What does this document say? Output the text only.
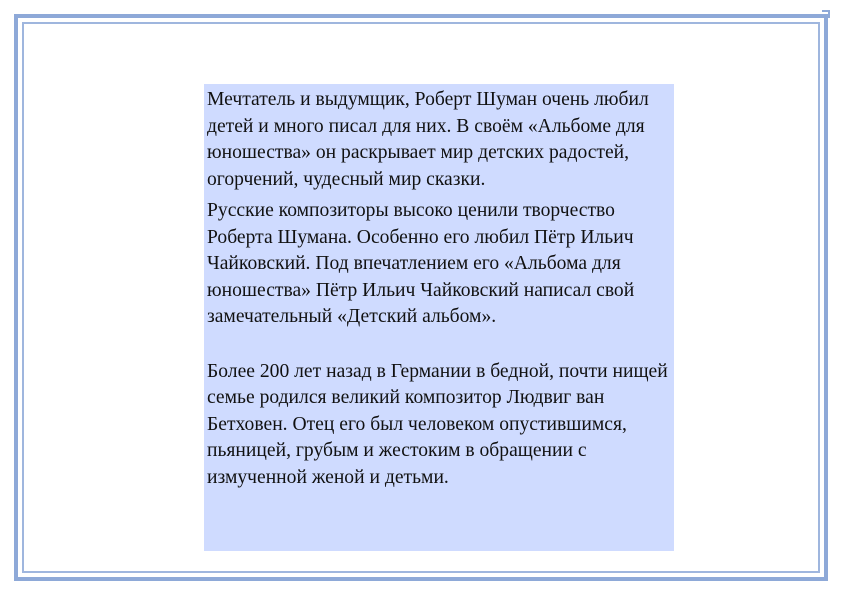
Мечтатель и выдумщик, Роберт Шуман очень любил детей и много писал для них. В своём «Альбоме для юношества» он раскрывает мир детских радостей, огорчений, чудесный мир сказки.

Русские композиторы высоко ценили творчество Роберта Шумана. Особенно его любил Пётр Ильич Чайковский. Под впечатлением его «Альбома для юношества» Пётр Ильич Чайковский написал свой замечательный «Детский альбом».

Более 200 лет назад в Германии в бедной, почти нищей семье родился великий композитор Людвиг ван Бетховен. Отец его был человеком опустившимся, пьяницей, грубым и жестоким в обращении с измученной женой и детьми.
